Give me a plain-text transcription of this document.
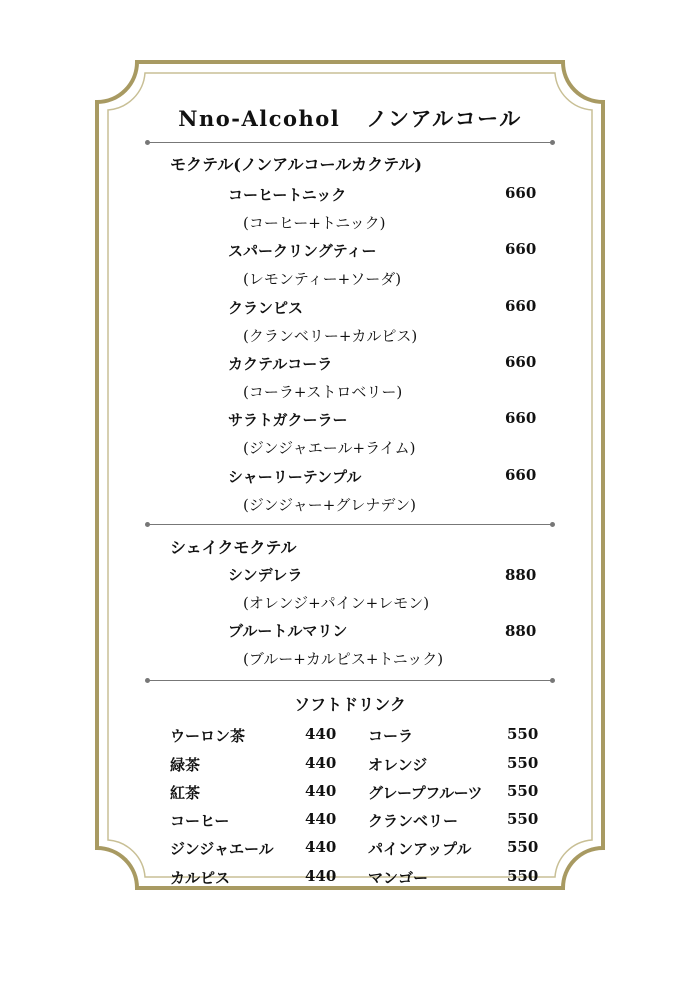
Nno-Alcohol ノンアルコール
モクテル(ノンアルコールカクテル)
コーヒートニック	660
(コーヒー+トニック)
スパークリングティー	660
(レモンティー+ソーダ)
クランピス	660
(クランベリー+カルピス)
カクテルコーラ	660
(コーラ+ストロベリー)
サラトガクーラー	660
(ジンジャエール+ライム)
シャーリーテンプル	660
(ジンジャー+グレナデン)
シェイクモクテル
シンデレラ	880
(オレンジ+パイン+レモン)
ブルートルマリン	880
(ブルー+カルピス+トニック)
ソフトドリンク
ウーロン茶	440 コーラ	550
緑茶	440 オレンジ	550
紅茶	440 グレープフルーツ 550
コーヒー	440 クランベリー	550
ジンジャエール 440 パインアップル 550
カルピス	440 マンゴー	550
